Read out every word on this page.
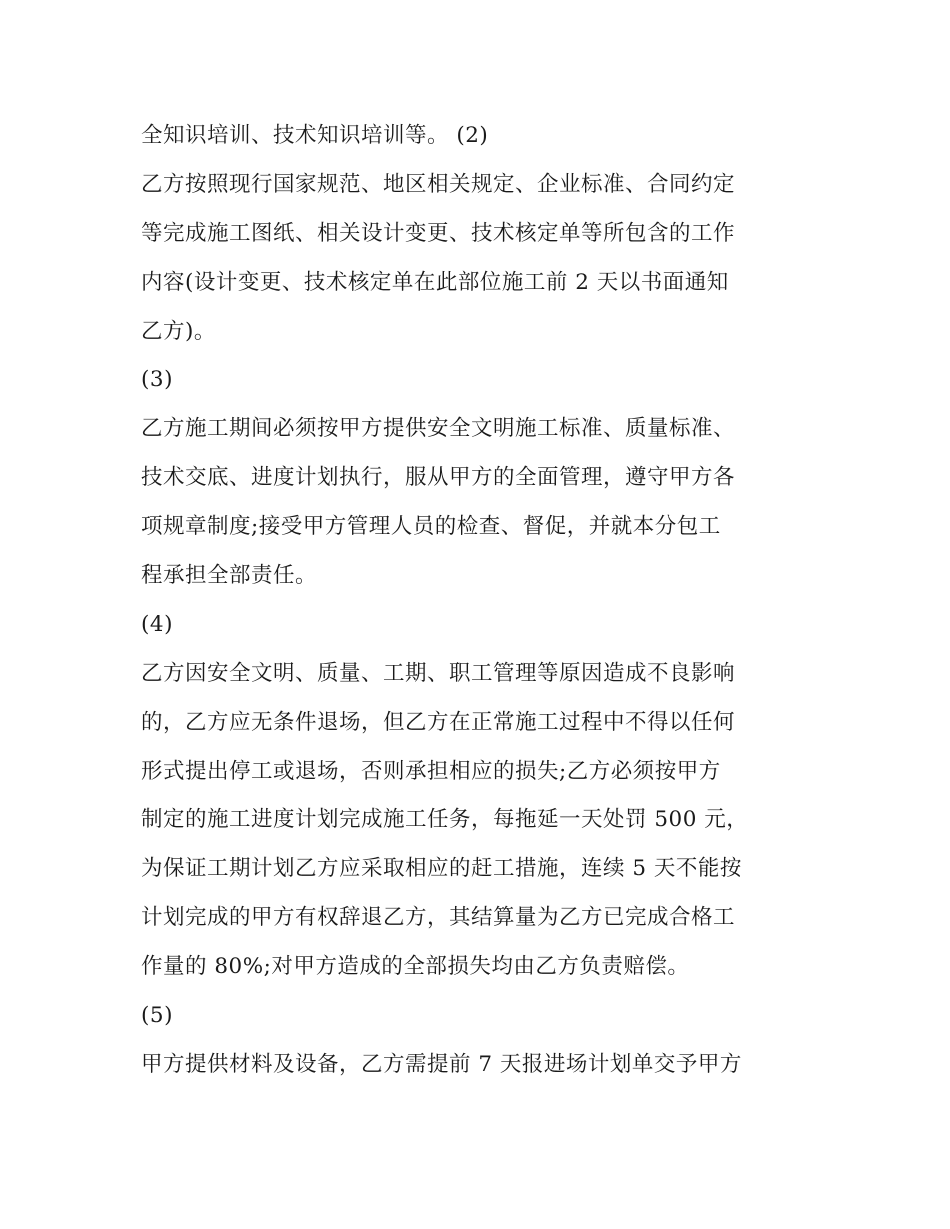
全知识培训、技术知识培训等。 (2)
乙方按照现行国家规范、地区相关规定、企业标准、合同约定
等完成施工图纸、相关设计变更、技术核定单等所包含的工作
内容(设计变更、技术核定单在此部位施工前 2 天以书面通知
乙方)。
(3)
乙方施工期间必须按甲方提供安全文明施工标准、质量标准、
技术交底、进度计划执行，服从甲方的全面管理，遵守甲方各
项规章制度;接受甲方管理人员的检查、督促，并就本分包工
程承担全部责任。
(4)
乙方因安全文明、质量、工期、职工管理等原因造成不良影响
的，乙方应无条件退场，但乙方在正常施工过程中不得以任何
形式提出停工或退场，否则承担相应的损失;乙方必须按甲方
制定的施工进度计划完成施工任务，每拖延一天处罚 500 元，
为保证工期计划乙方应采取相应的赶工措施，连续 5 天不能按
计划完成的甲方有权辞退乙方，其结算量为乙方已完成合格工
作量的 80%;对甲方造成的全部损失均由乙方负责赔偿。
(5)
甲方提供材料及设备，乙方需提前 7 天报进场计划单交予甲方
